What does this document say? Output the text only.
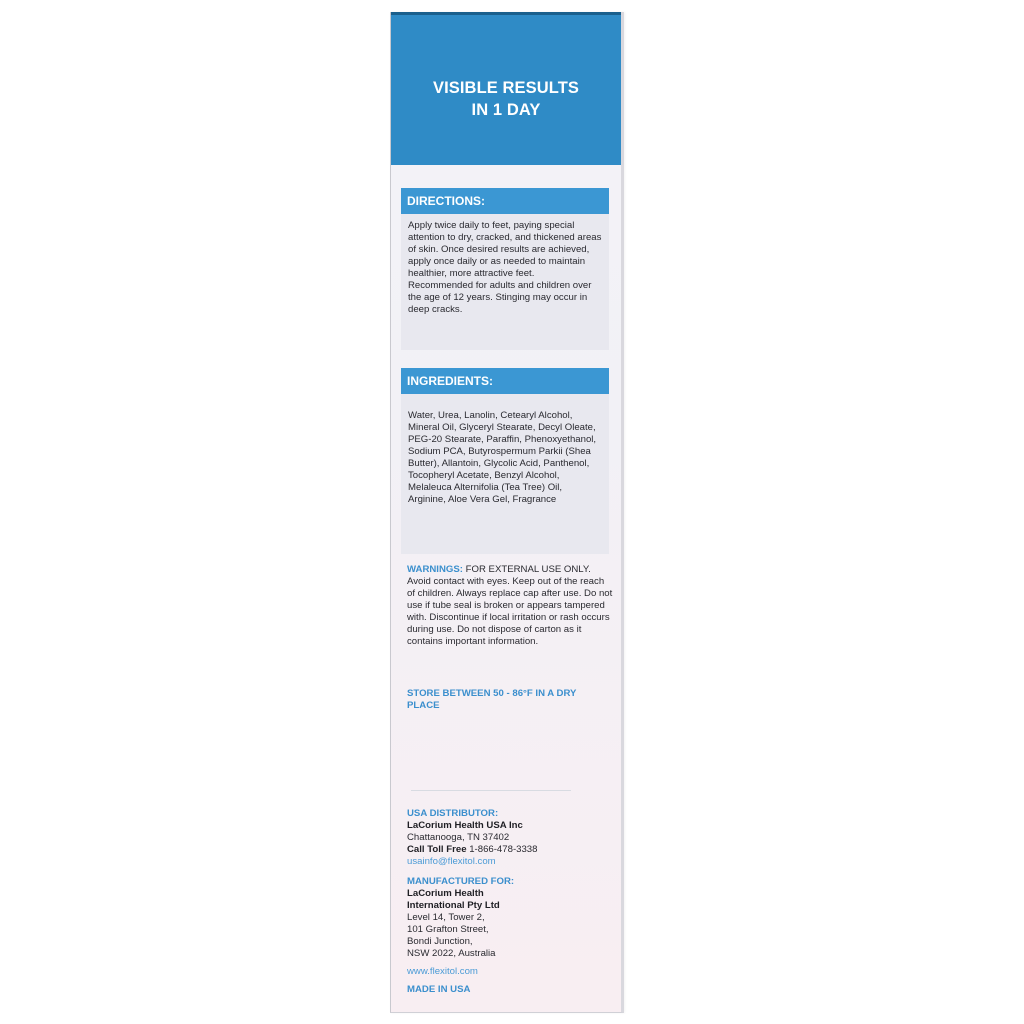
VISIBLE RESULTS
IN 1 DAY
DIRECTIONS:
Apply twice daily to feet, paying special attention to dry, cracked, and thickened areas of skin. Once desired results are achieved, apply once daily or as needed to maintain healthier, more attractive feet. Recommended for adults and children over the age of 12 years. Stinging may occur in deep cracks.
INGREDIENTS:
Water, Urea, Lanolin, Cetearyl Alcohol, Mineral Oil, Glyceryl Stearate, Decyl Oleate, PEG-20 Stearate, Paraffin, Phenoxyethanol, Sodium PCA, Butyrospermum Parkii (Shea Butter), Allantoin, Glycolic Acid, Panthenol, Tocopheryl Acetate, Benzyl Alcohol, Melaleuca Alternifolia (Tea Tree) Oil, Arginine, Aloe Vera Gel, Fragrance
WARNINGS: FOR EXTERNAL USE ONLY. Avoid contact with eyes. Keep out of the reach of children. Always replace cap after use. Do not use if tube seal is broken or appears tampered with. Discontinue if local irritation or rash occurs during use. Do not dispose of carton as it contains important information.
STORE BETWEEN 50 - 86°F IN A DRY PLACE
USA DISTRIBUTOR:
LaCorium Health USA Inc
Chattanooga, TN 37402
Call Toll Free 1-866-478-3338
usainfo@flexitol.com
MANUFACTURED FOR:
LaCorium Health
International Pty Ltd
Level 14, Tower 2,
101 Grafton Street,
Bondi Junction,
NSW 2022, Australia
www.flexitol.com
MADE IN USA
